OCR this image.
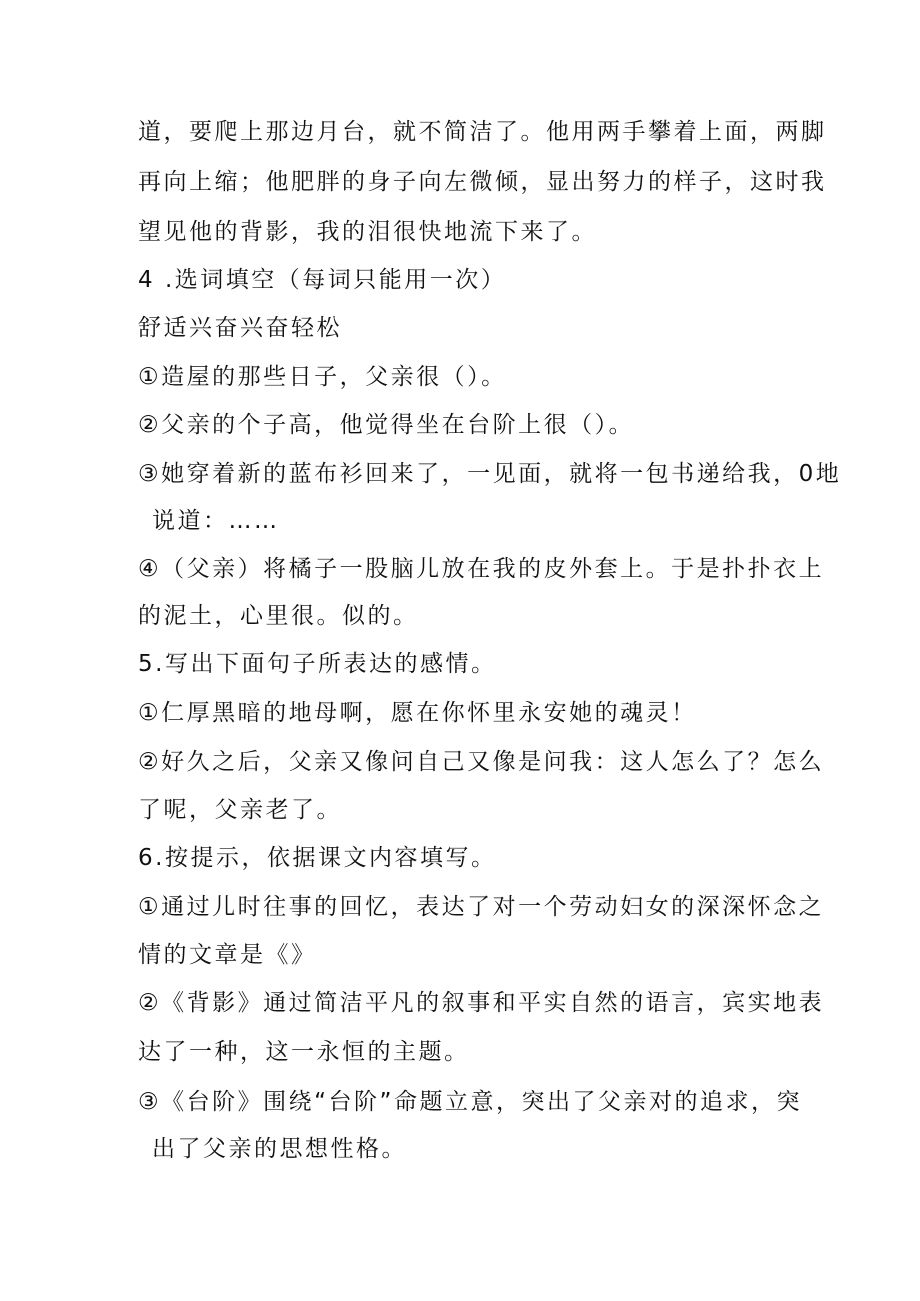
道，要爬上那边月台，就不简洁了。他用两手攀着上面，两脚
再向上缩；他肥胖的身子向左微倾，显出努力的样子，这时我
望见他的背影，我的泪很快地流下来了。
4 .选词填空（每词只能用一次）
舒适兴奋兴奋轻松
①造屋的那些日子，父亲很（）。
②父亲的个子高，他觉得坐在台阶上很（）。
③她穿着新的蓝布衫回来了，一见面，就将一包书递给我，0地
说道：……
④（父亲）将橘子一股脑儿放在我的皮外套上。于是扑扑衣上
的泥土，心里很。似的。
5.写出下面句子所表达的感情。
①仁厚黑暗的地母啊，愿在你怀里永安她的魂灵！
②好久之后，父亲又像问自己又像是问我：这人怎么了？怎么
了呢，父亲老了。
6.按提示，依据课文内容填写。
①通过儿时往事的回忆，表达了对一个劳动妇女的深深怀念之
情的文章是《》
②《背影》通过简洁平凡的叙事和平实自然的语言，宾实地表
达了一种，这一永恒的主题。
③《台阶》围绕“台阶”命题立意，突出了父亲对的追求，突
出了父亲的思想性格。
